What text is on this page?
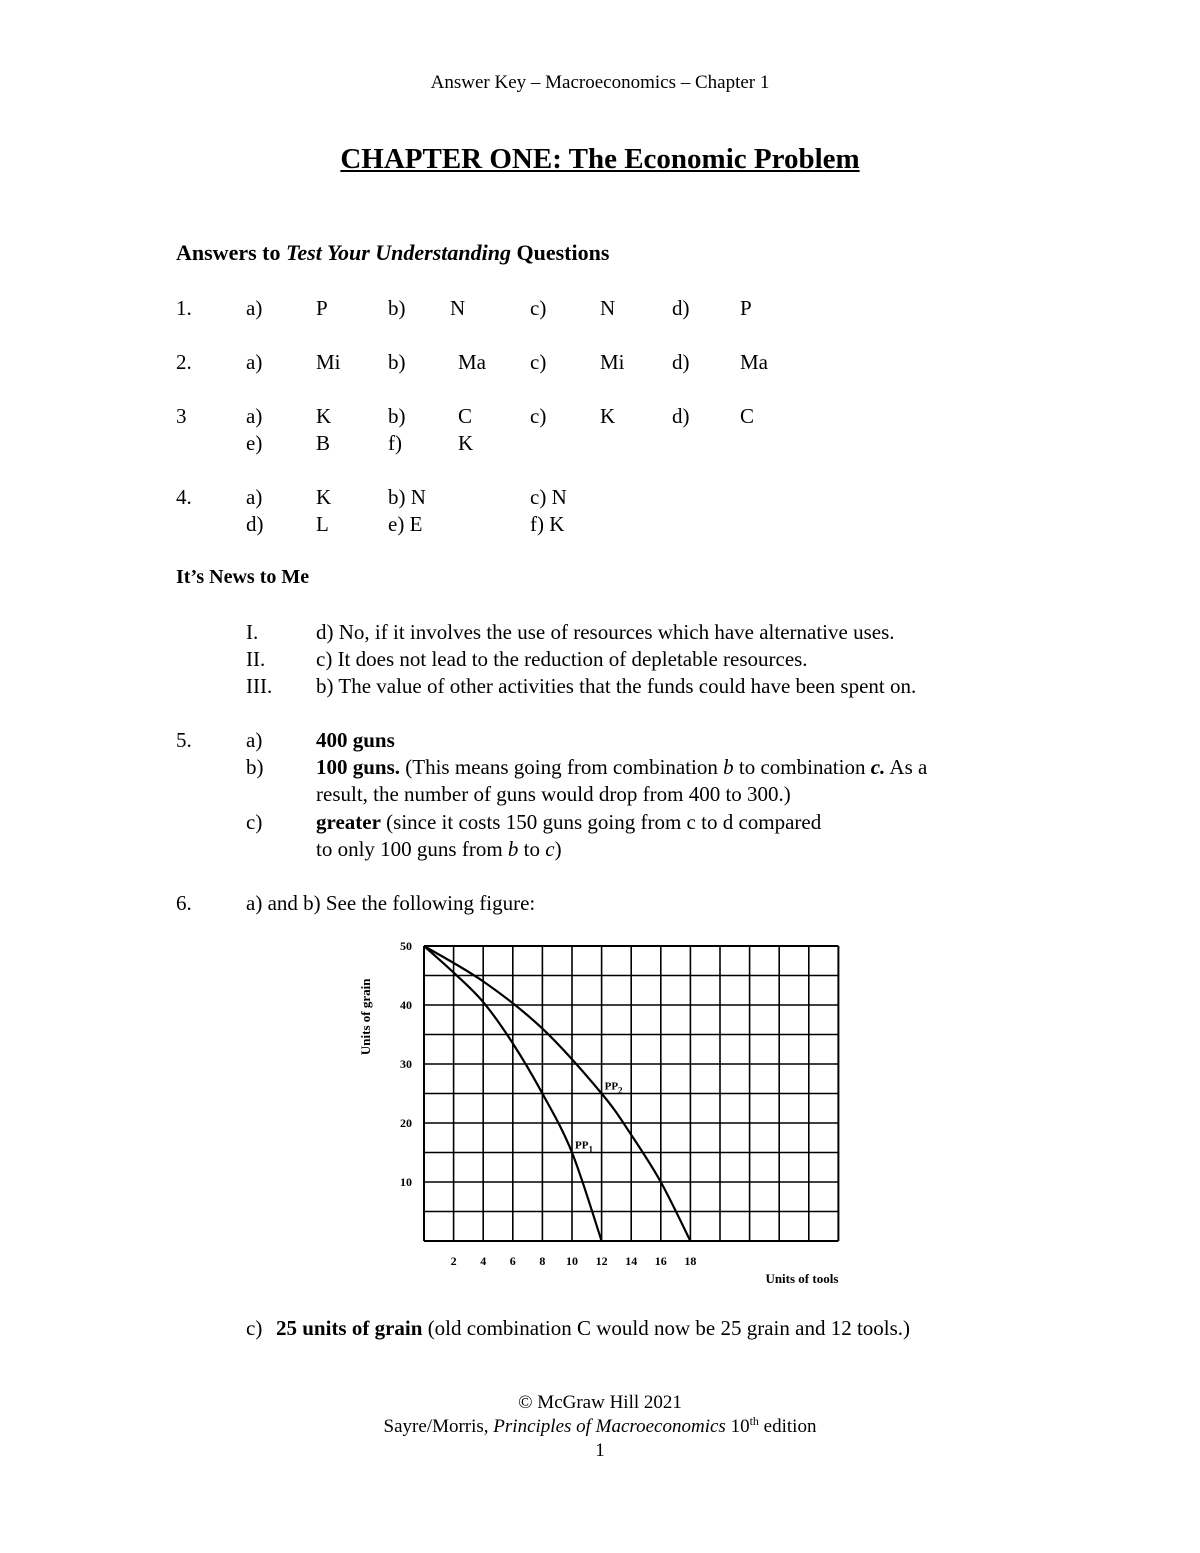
Answer Key – Macroeconomics – Chapter 1
CHAPTER ONE: The Economic Problem
Answers to Test Your Understanding Questions
1.	a)	P	b) N	c)	N	d) P
2.	a)	Mi b)	Ma c)	Mi d) Ma
3	a)	K	b)	C	c)	K	d) C
e)	B	f)	K
4.	a)	K	b) N	c) N
d)	L	e) E	f) K
It’s News to Me
I.	d) No, if it involves the use of resources which have alternative uses.
II. c) It does not lead to the reduction of depletable resources.
III. b) The value of other activities that the funds could have been spent on.
5.	a)	400 guns
b)	100 guns. (This means going from combination b to combination c. As a
result, the number of guns would drop from 400 to 300.)
c)	greater (since it costs 150 guns going from c to d compared
to only 100 guns from b to c)
6.	a) and b) See the following figure:
2 4 6 8 10 12 14 16 18
10
20
30
40
50
Units of tools
Units of grain
$PP_1$
$PP_2$
c) 25 units of grain (old combination C would now be 25 grain and 12 tools.)
© McGraw Hill 2021
Sayre/Morris, Principles of Macroeconomics 10th edition
1
